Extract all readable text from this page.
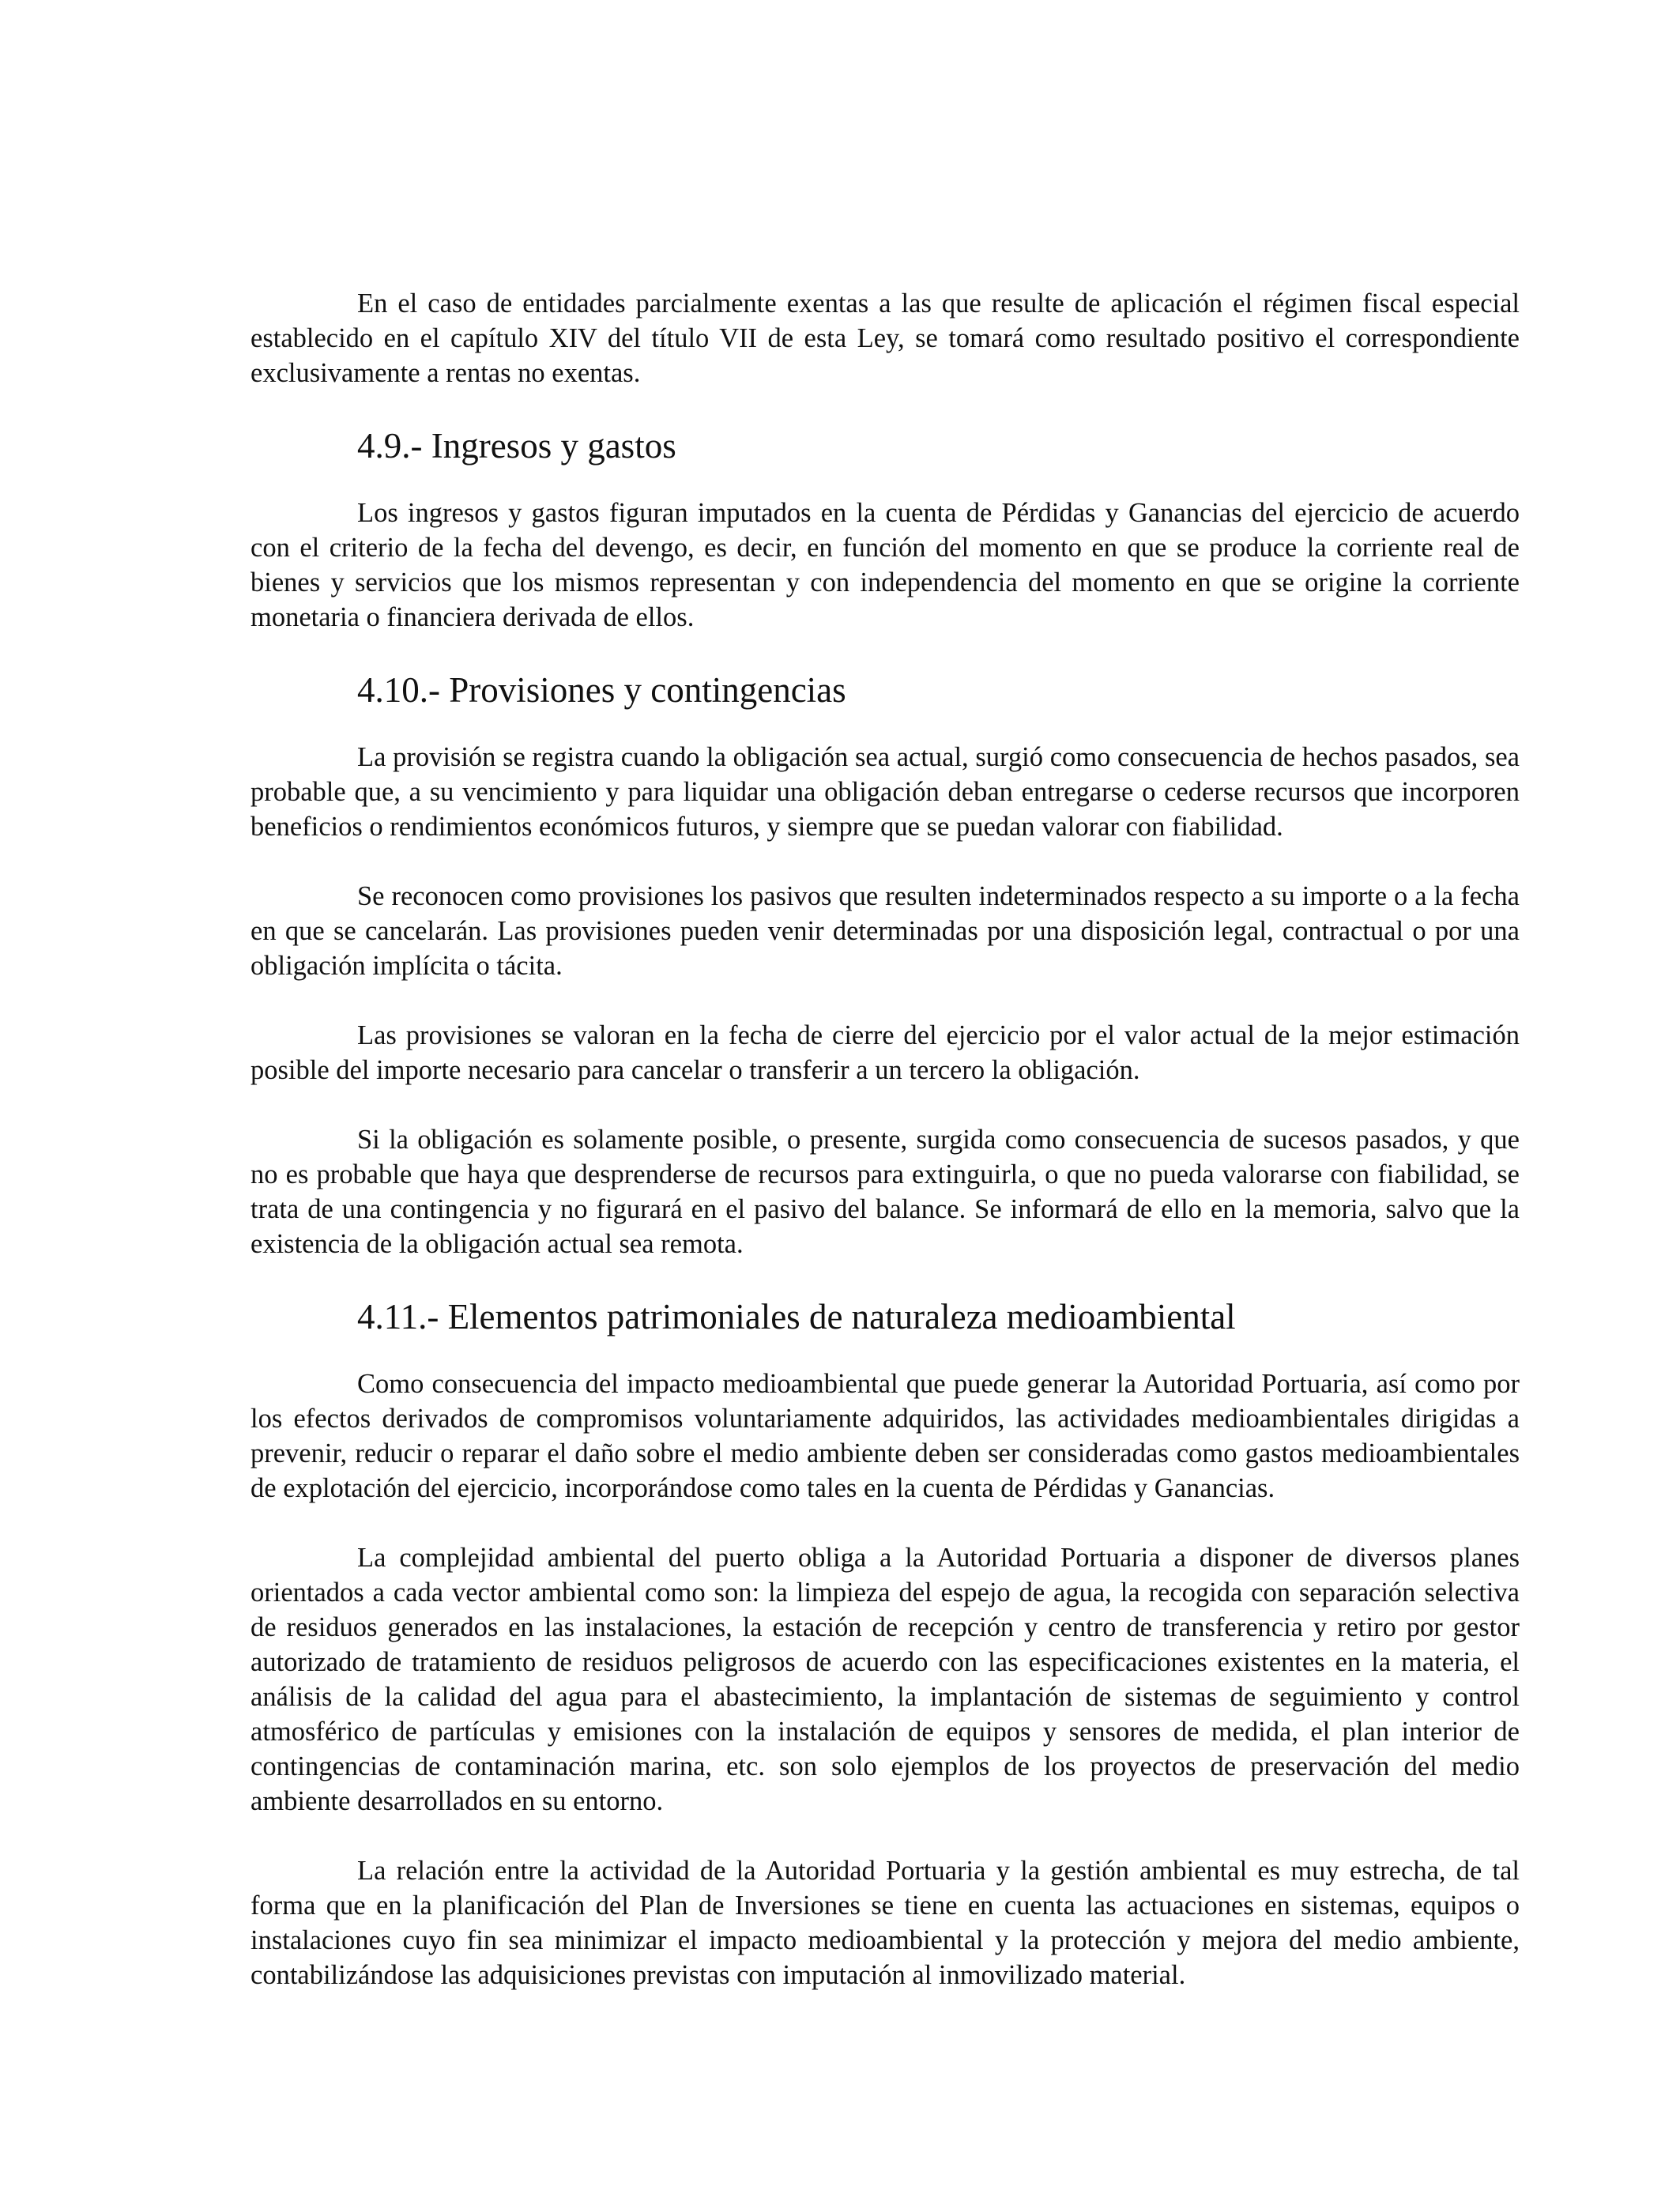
En el caso de entidades parcialmente exentas a las que resulte de aplicación el régimen fiscal especial establecido en el capítulo XIV del título VII de esta Ley, se tomará como resultado positivo el correspondiente exclusivamente a rentas no exentas.

4.9.- Ingresos y gastos

Los ingresos y gastos figuran imputados en la cuenta de Pérdidas y Ganancias del ejercicio de acuerdo con el criterio de la fecha del devengo, es decir, en función del momento en que se produce la corriente real de bienes y servicios que los mismos representan y con independencia del momento en que se origine la corriente monetaria o financiera derivada de ellos.

4.10.- Provisiones y contingencias

La provisión se registra cuando la obligación sea actual, surgió como consecuencia de hechos pasados, sea probable que, a su vencimiento y para liquidar una obligación deban entregarse o cederse recursos que incorporen beneficios o rendimientos económicos futuros, y siempre que se puedan valorar con fiabilidad.

Se reconocen como provisiones los pasivos que resulten indeterminados respecto a su importe o a la fecha en que se cancelarán. Las provisiones pueden venir determinadas por una disposición legal, contractual o por una obligación implícita o tácita.

Las provisiones se valoran en la fecha de cierre del ejercicio por el valor actual de la mejor estimación posible del importe necesario para cancelar o transferir a un tercero la obligación.

Si la obligación es solamente posible, o presente, surgida como consecuencia de sucesos pasados, y que no es probable que haya que desprenderse de recursos para extinguirla, o que no pueda valorarse con fiabilidad, se trata de una contingencia y no figurará en el pasivo del balance. Se informará de ello en la memoria, salvo que la existencia de la obligación actual sea remota.

4.11.- Elementos patrimoniales de naturaleza medioambiental

Como consecuencia del impacto medioambiental que puede generar la Autoridad Portuaria, así como por los efectos derivados de compromisos voluntariamente adquiridos, las actividades medioambientales dirigidas a prevenir, reducir o reparar el daño sobre el medio ambiente deben ser consideradas como gastos medioambientales de explotación del ejercicio, incorporándose como tales en la cuenta de Pérdidas y Ganancias.

La complejidad ambiental del puerto obliga a la Autoridad Portuaria a disponer de diversos planes orientados a cada vector ambiental como son: la limpieza del espejo de agua, la recogida con separación selectiva de residuos generados en las instalaciones, la estación de recepción y centro de transferencia y retiro por gestor autorizado de tratamiento de residuos peligrosos de acuerdo con las especificaciones existentes en la materia, el análisis de la calidad del agua para el abastecimiento, la implantación de sistemas de seguimiento y control atmosférico de partículas y emisiones con la instalación de equipos y sensores de medida, el plan interior de contingencias de contaminación marina, etc. son solo ejemplos de los proyectos de preservación del medio ambiente desarrollados en su entorno.

La relación entre la actividad de la Autoridad Portuaria y la gestión ambiental es muy estrecha, de tal forma que en la planificación del Plan de Inversiones se tiene en cuenta las actuaciones en sistemas, equipos o instalaciones cuyo fin sea minimizar el impacto medioambiental y la protección y mejora del medio ambiente, contabilizándose las adquisiciones previstas con imputación al inmovilizado material.
